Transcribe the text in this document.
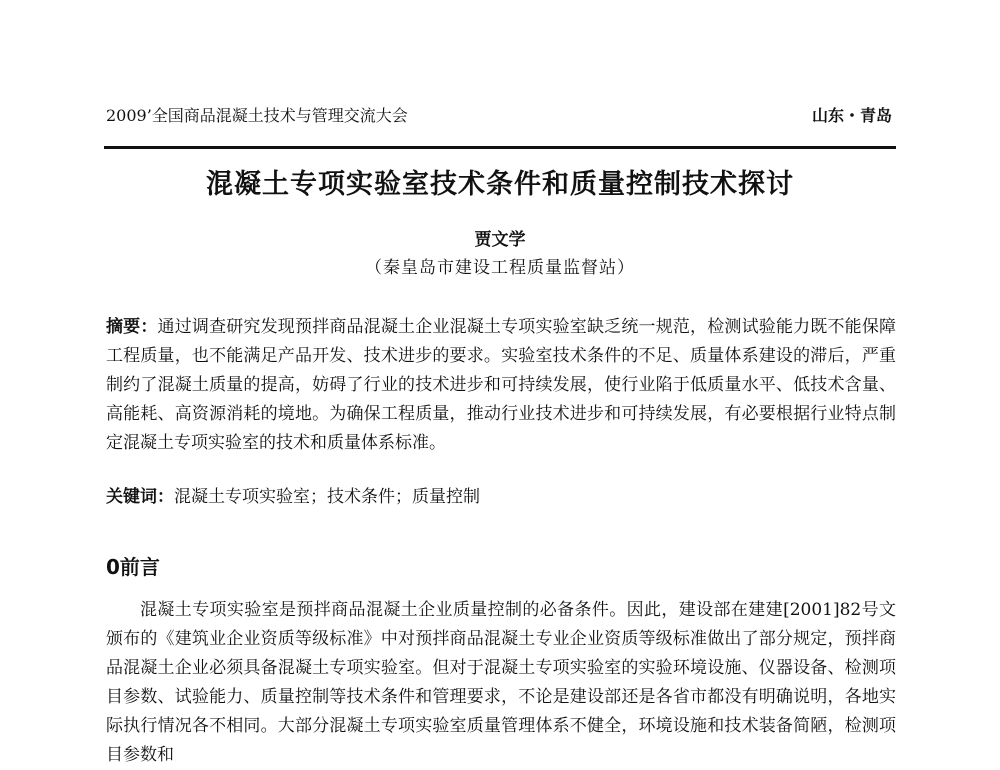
2009’全国商品混凝土技术与管理交流大会	山东・青岛
混凝土专项实验室技术条件和质量控制技术探讨
贾文学
（秦皇岛市建设工程质量监督站）
摘要：通过调查研究发现预拌商品混凝土企业混凝土专项实验室缺乏统一规范，检测试验能力既不能保障工程质量，也不能满足产品开发、技术进步的要求。实验室技术条件的不足、质量体系建设的滞后，严重制约了混凝土质量的提高，妨碍了行业的技术进步和可持续发展，使行业陷于低质量水平、低技术含量、高能耗、高资源消耗的境地。为确保工程质量，推动行业技术进步和可持续发展，有必要根据行业特点制定混凝土专项实验室的技术和质量体系标准。
关键词：混凝土专项实验室；技术条件；质量控制
0前言
混凝土专项实验室是预拌商品混凝土企业质量控制的必备条件。因此，建设部在建建[2001]82号文颁布的《建筑业企业资质等级标准》中对预拌商品混凝土专业企业资质等级标准做出了部分规定，预拌商品混凝土企业必须具备混凝土专项实验室。但对于混凝土专项实验室的实验环境设施、仪器设备、检测项目参数、试验能力、质量控制等技术条件和管理要求，不论是建设部还是各省市都没有明确说明，各地实际执行情况各不相同。大部分混凝土专项实验室质量管理体系不健全，环境设施和技术装备简陋，检测项目参数和
